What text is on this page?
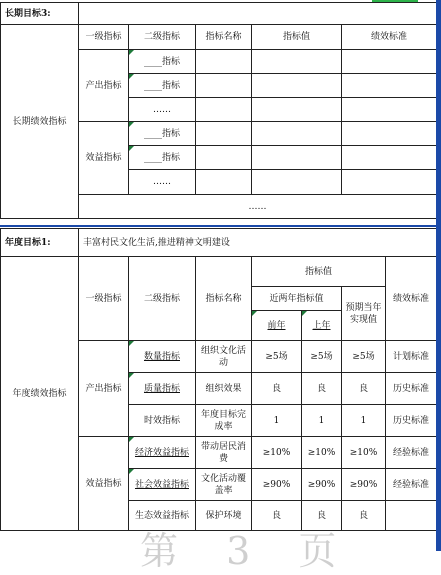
长期目标3:					
长期绩效指标	一级指标	二级指标	指标名称	指标值	绩效标准
	产出指标	____指标			
		____指标			
		……			
	效益指标	____指标			
		____指标			
		……			
	……				
年度目标1:	丰富村民文化生活,推进精神文明建设						
年度绩效指标	一级指标	二级指标	指标名称	指标值			绩效标准
				近两年指标值		预期当年实现值	
				前年	上年		
	产出指标	数量指标	组织文化活动	≥5场	≥5场	≥5场	计划标准
		质量指标	组织效果	良	良	良	历史标准
		时效指标	年度目标完成率	1	1	1	历史标准
	效益指标	经济效益指标	带动居民消费	≥10%	≥10%	≥10%	经验标准
		社会效益指标	文化活动覆盖率	≥90%	≥90%	≥90%	经验标准
		生态效益指标	保护环境	良	良	良	
第 3 页
